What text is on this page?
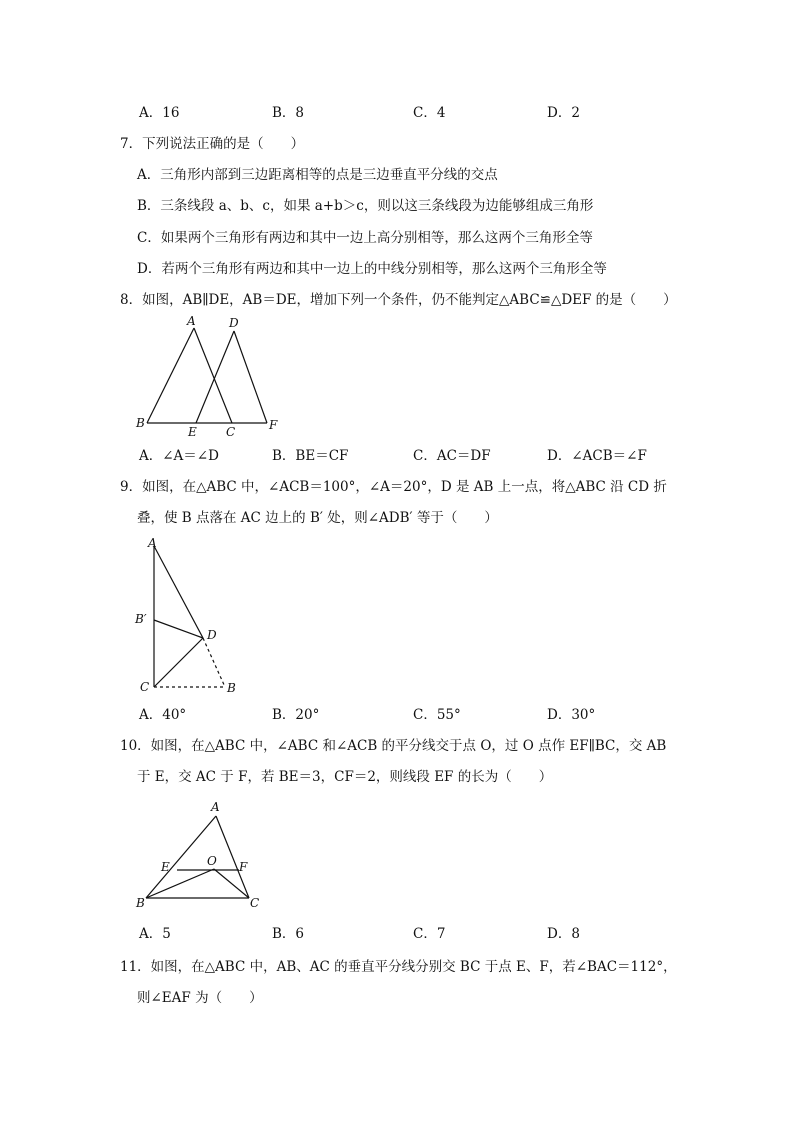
A．16	B．8	C．4	D．2
7．下列说法正确的是（　　）
A．三角形内部到三边距离相等的点是三边垂直平分线的交点
B．三条线段 a、b、c，如果 a+b＞c，则以这三条线段为边能够组成三角形
C．如果两个三角形有两边和其中一边上高分别相等，那么这两个三角形全等
D．若两个三角形有两边和其中一边上的中线分别相等，那么这两个三角形全等
8．如图，AB∥DE，AB＝DE，增加下列一个条件，仍不能判定△ABC≌△DEF 的是（　　）
A	D
B
E C	F
A．∠A＝∠D	B．BE＝CF	C．AC＝DF	D．∠ACB＝∠F
9．如图，在△ABC 中，∠ACB＝100°，∠A＝20°，D 是 AB 上一点，将△ABC 沿 CD 折
叠，使 B 点落在 AC 边上的 B′ 处，则∠ADB′ 等于（　　）
A
B′
D
C	B
A．40°	B．20°	C．55°	D．30°
10．如图，在△ABC 中，∠ABC 和∠ACB 的平分线交于点 O，过 O 点作 EF∥BC，交 AB
于 E，交 AC 于 F，若 BE＝3，CF＝2，则线段 EF 的长为（　　）
A
E	O F
B	C
A．5	B．6	C．7	D．8
11．如图，在△ABC 中，AB、AC 的垂直平分线分别交 BC 于点 E、F，若∠BAC＝112°，
则∠EAF 为（　　）
